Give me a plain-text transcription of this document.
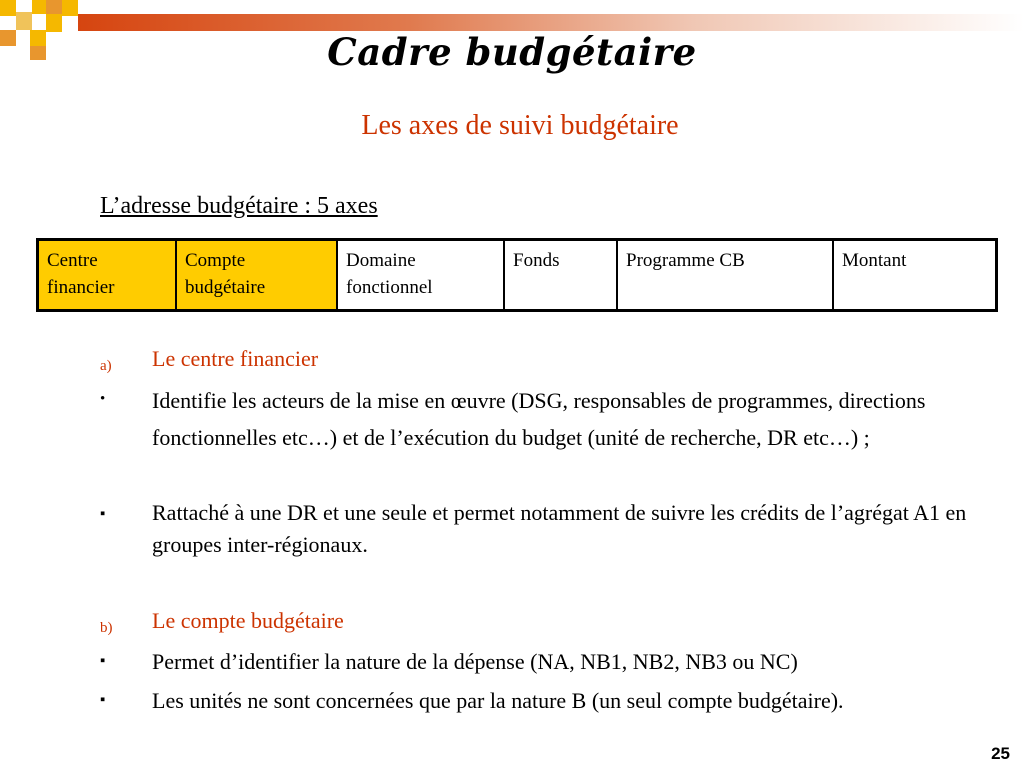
Cadre budgétaire
Les axes de suivi budgétaire
L’adresse budgétaire : 5 axes
Centre financier	Compte budgétaire	Domaine fonctionnel	Fonds	Programme CB	Montant
a)	Le centre financier
•	Identifie les acteurs de la mise en œuvre (DSG, responsables de programmes, directions fonctionnelles etc…) et de l’exécution du budget (unité de recherche, DR etc…) ;
▪	Rattaché à une DR et une seule et permet notamment de suivre les crédits de l’agrégat A1 en groupes inter-régionaux.
b)	Le compte budgétaire
▪	Permet d’identifier la nature de la dépense (NA, NB1, NB2, NB3 ou NC)
▪	Les unités ne sont concernées que par la nature B (un seul compte budgétaire).
25
